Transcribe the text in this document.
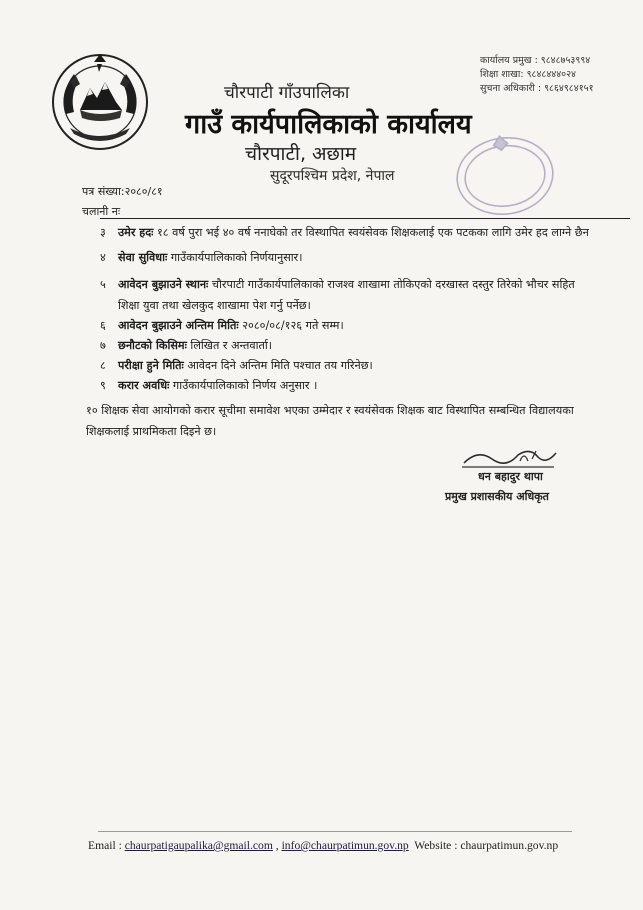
चौरपाटी गाँउपालिका
गाउँ कार्यपालिकाको कार्यालय
चौरपाटी, अछाम
सुदूरपश्चिम प्रदेश, नेपाल
कार्यालय प्रमुख : ९८४८७५३९९४
शिक्षा शाखा: ९८४८४४४०२४
सुचना अधिकारी : ९८६४९८४१५१
पत्र संख्या:२०८०/८१
चलानी नः
३ उमेर हदः १८ वर्ष पुरा भई ४० वर्ष ननाघेको तर विस्थापित स्वयंसेवक शिक्षकलाई एक पटकका लागि उमेर हद लाग्ने छैन
४ सेवा सुविधाः गाउँकार्यपालिकाको निर्णयानुसार।
५ आवेदन बुझाउने स्थानः चौरपाटी गाउँकार्यपालिकाको राजश्व शाखामा तोकिएको दरखास्त दस्तुर तिरेको भौचर सहित शिक्षा युवा तथा खेलकुद शाखामा पेश गर्नु पर्नेछ।
६ आवेदन बुझाउने अन्तिम मितिः २०८०/०८/१२६ गते सम्म।
७ छनौटको किसिमः लिखित र अन्तवार्ता।
८ परीक्षा हुने मितिः आवेदन दिने अन्तिम मिति पश्चात तय गरिनेछ।
९ करार अवधिः गाउँकार्यपालिकाको निर्णय अनुसार ।
१० शिक्षक सेवा आयोगको करार सूचीमा समावेश भएका उम्मेदार र स्वयंसेवक शिक्षक बाट विस्थापित सम्बन्धित विद्यालयका शिक्षकलाई प्राथमिकता दिइने छ।
धन बहादुर थापा
प्रमुख प्रशासकीय अधिकृत
Email : chaurpatigaupalika@gmail.com , info@chaurpatimun.gov.np  Website : chaurpatimun.gov.np
